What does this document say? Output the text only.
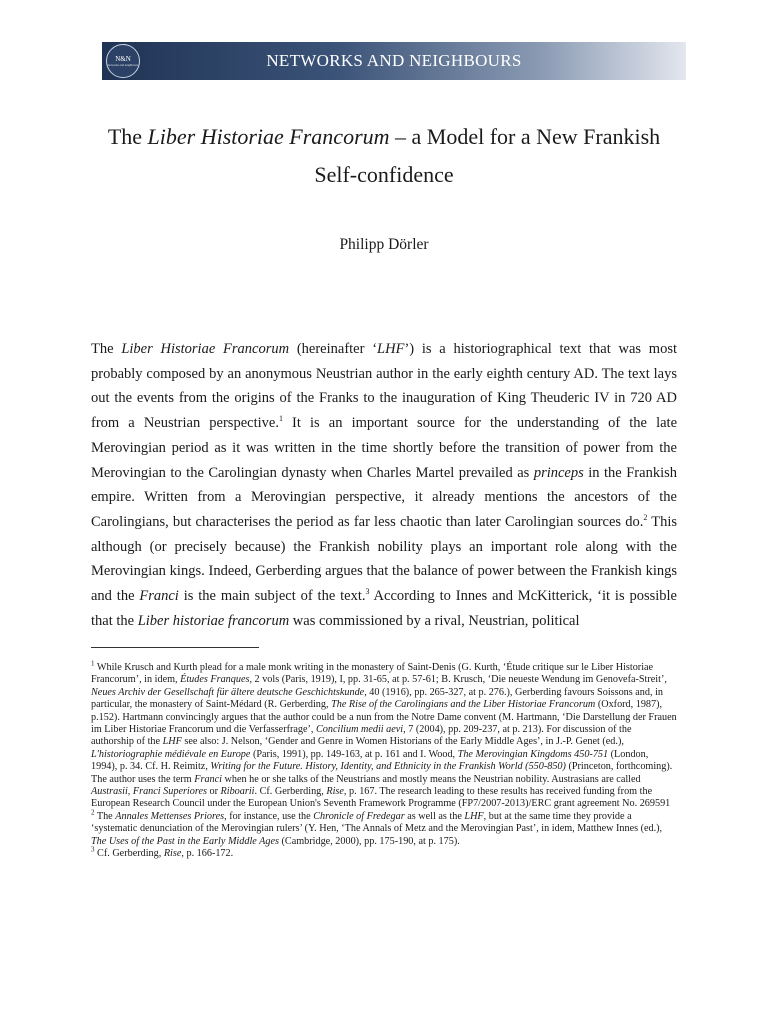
N&N
networks and neighbours	NETWORKS AND NEIGHBOURS
The Liber Historiae Francorum – a Model for a New Frankish Self-confidence
Philipp Dörler

The Liber Historiae Francorum (hereinafter ‘LHF’) is a historiographical text that was most probably composed by an anonymous Neustrian author in the early eighth century AD. The text lays out the events from the origins of the Franks to the inauguration of King Theuderic IV in 720 AD from a Neustrian perspective.$^1$ It is an important source for the understanding of the late Merovingian period as it was written in the time shortly before the transition of power from the Merovingian to the Carolingian dynasty when Charles Martel prevailed as princeps in the Frankish empire. Written from a Merovingian perspective, it already mentions the ancestors of the Carolingians, but characterises the period as far less chaotic than later Carolingian sources do.$^2$ This although (or precisely because) the Frankish nobility plays an important role along with the Merovingian kings. Indeed, Gerberding argues that the balance of power between the Frankish kings and the Franci is the main subject of the text.$^3$ According to Innes and McKitterick, ‘it is possible that the Liber historiae francorum was commissioned by a rival, Neustrian, political

$^1$ While Krusch and Kurth plead for a male monk writing in the monastery of Saint-Denis (G. Kurth, ‘Étude critique sur le Liber Historiae Francorum’, in idem, Études Franques, 2 vols (Paris, 1919), I, pp. 31-65, at p. 57-61; B. Krusch, ‘Die neueste Wendung im Genovefa-Streit’, Neues Archiv der Gesellschaft für ältere deutsche Geschichtskunde, 40 (1916), pp. 265-327, at p. 276.), Gerberding favours Soissons and, in particular, the monastery of Saint-Médard (R. Gerberding, The Rise of the Carolingians and the Liber Historiae Francorum (Oxford, 1987), p.152). Hartmann convincingly argues that the author could be a nun from the Notre Dame convent (M. Hartmann, ‘Die Darstellung der Frauen im Liber Historiae Francorum und die Verfasserfrage’, Concilium medii aevi, 7 (2004), pp. 209-237, at p. 213). For discussion of the authorship of the LHF see also: J. Nelson, ‘Gender and Genre in Women Historians of the Early Middle Ages’, in J.-P. Genet (ed.), L'historiographie médiévale en Europe (Paris, 1991), pp. 149-163, at p. 161 and I. Wood, The Merovingian Kingdoms 450-751 (London, 1994), p. 34. Cf. H. Reimitz, Writing for the Future. History, Identity, and Ethnicity in the Frankish World (550-850) (Princeton, forthcoming). The author uses the term Franci when he or she talks of the Neustrians and mostly means the Neustrian nobility. Austrasians are called Austrasii, Franci Superiores or Riboarii. Cf. Gerberding, Rise, p. 167. The research leading to these results has received funding from the European Research Council under the European Union's Seventh Framework Programme (FP7/2007-2013)/ERC grant agreement No. 269591

$^2$ The Annales Mettenses Priores, for instance, use the Chronicle of Fredegar as well as the LHF, but at the same time they provide a ‘systematic denunciation of the Merovingian rulers’ (Y. Hen, ‘The Annals of Metz and the Merovingian Past’, in idem, Matthew Innes (ed.), The Uses of the Past in the Early Middle Ages (Cambridge, 2000), pp. 175-190, at p. 175).

$^3$ Cf. Gerberding, Rise, p. 166-172.
